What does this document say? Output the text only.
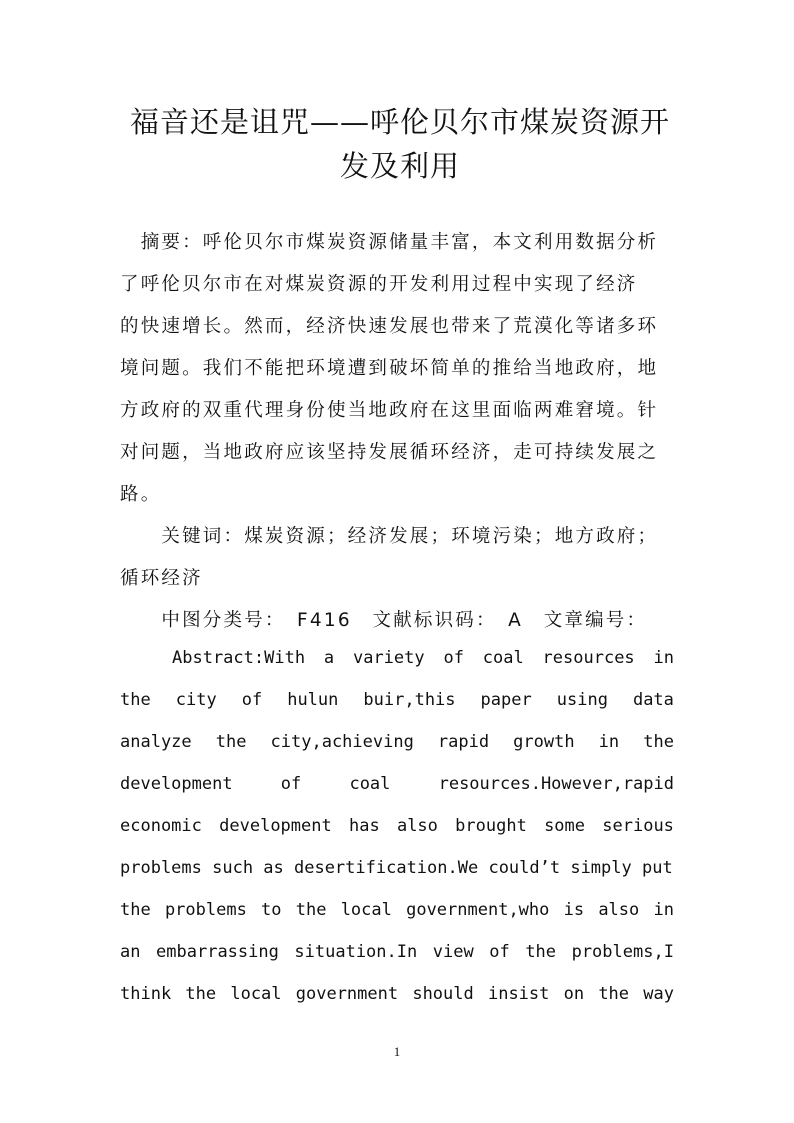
福音还是诅咒——呼伦贝尔市煤炭资源开
发及利用
　摘要：呼伦贝尔市煤炭资源储量丰富，本文利用数据分析
了呼伦贝尔市在对煤炭资源的开发利用过程中实现了经济
的快速增长。然而，经济快速发展也带来了荒漠化等诸多环
境问题。我们不能把环境遭到破坏简单的推给当地政府，地
方政府的双重代理身份使当地政府在这里面临两难窘境。针
对问题，当地政府应该坚持发展循环经济，走可持续发展之
路。
　　关键词：煤炭资源；经济发展；环境污染；地方政府；
循环经济
　　中图分类号：　F416　文献标识码：　A　文章编号：
Abstract:With a variety of coal resources in
the city of hulun buir,this paper using data
analyze the city,achieving rapid growth in the
development	of	coal	resources.However,rapid
economic development has also brought some serious
problems such as desertification.We could’t simply put
the problems to the local government,who is also in
an embarrassing situation.In view of the problems,I
think the local government should insist on the way
1
